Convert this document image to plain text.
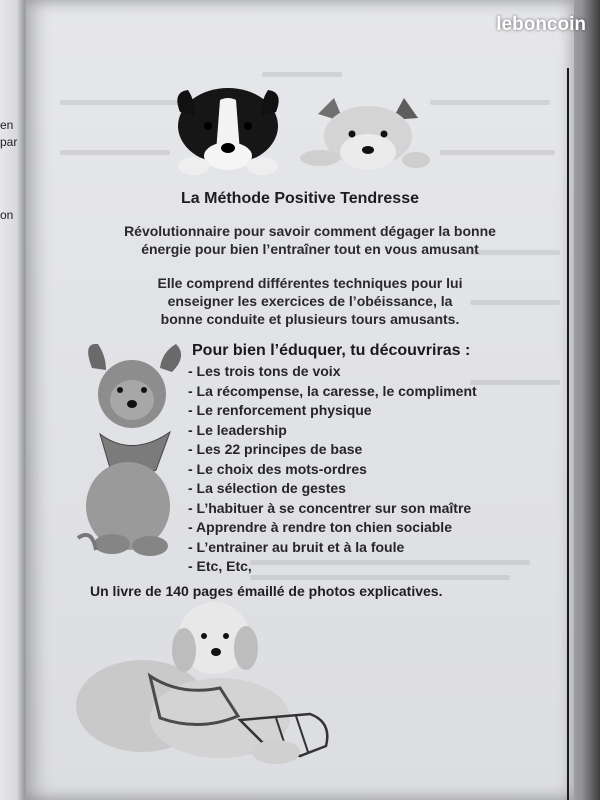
en
par
on
leboncoin
La Méthode Positive Tendresse
Révolutionnaire pour savoir comment dégager la bonne
énergie pour bien l’entraîner tout en vous amusant
Elle comprend différentes techniques pour lui
enseigner les exercices de l’obéissance, la
bonne conduite et plusieurs tours amusants.
Pour bien l’éduquer, tu découvriras :
- Les trois tons de voix
- La récompense, la caresse, le compliment
- Le renforcement physique
- Le leadership
- Les 22 principes de base
- Le choix des mots-ordres
- La sélection de gestes
- L’habituer à se concentrer sur son maître
- Apprendre à rendre ton chien sociable
- L’entrainer au bruit et à la foule
- Etc, Etc,
Un livre de 140 pages émaillé de photos explicatives.
